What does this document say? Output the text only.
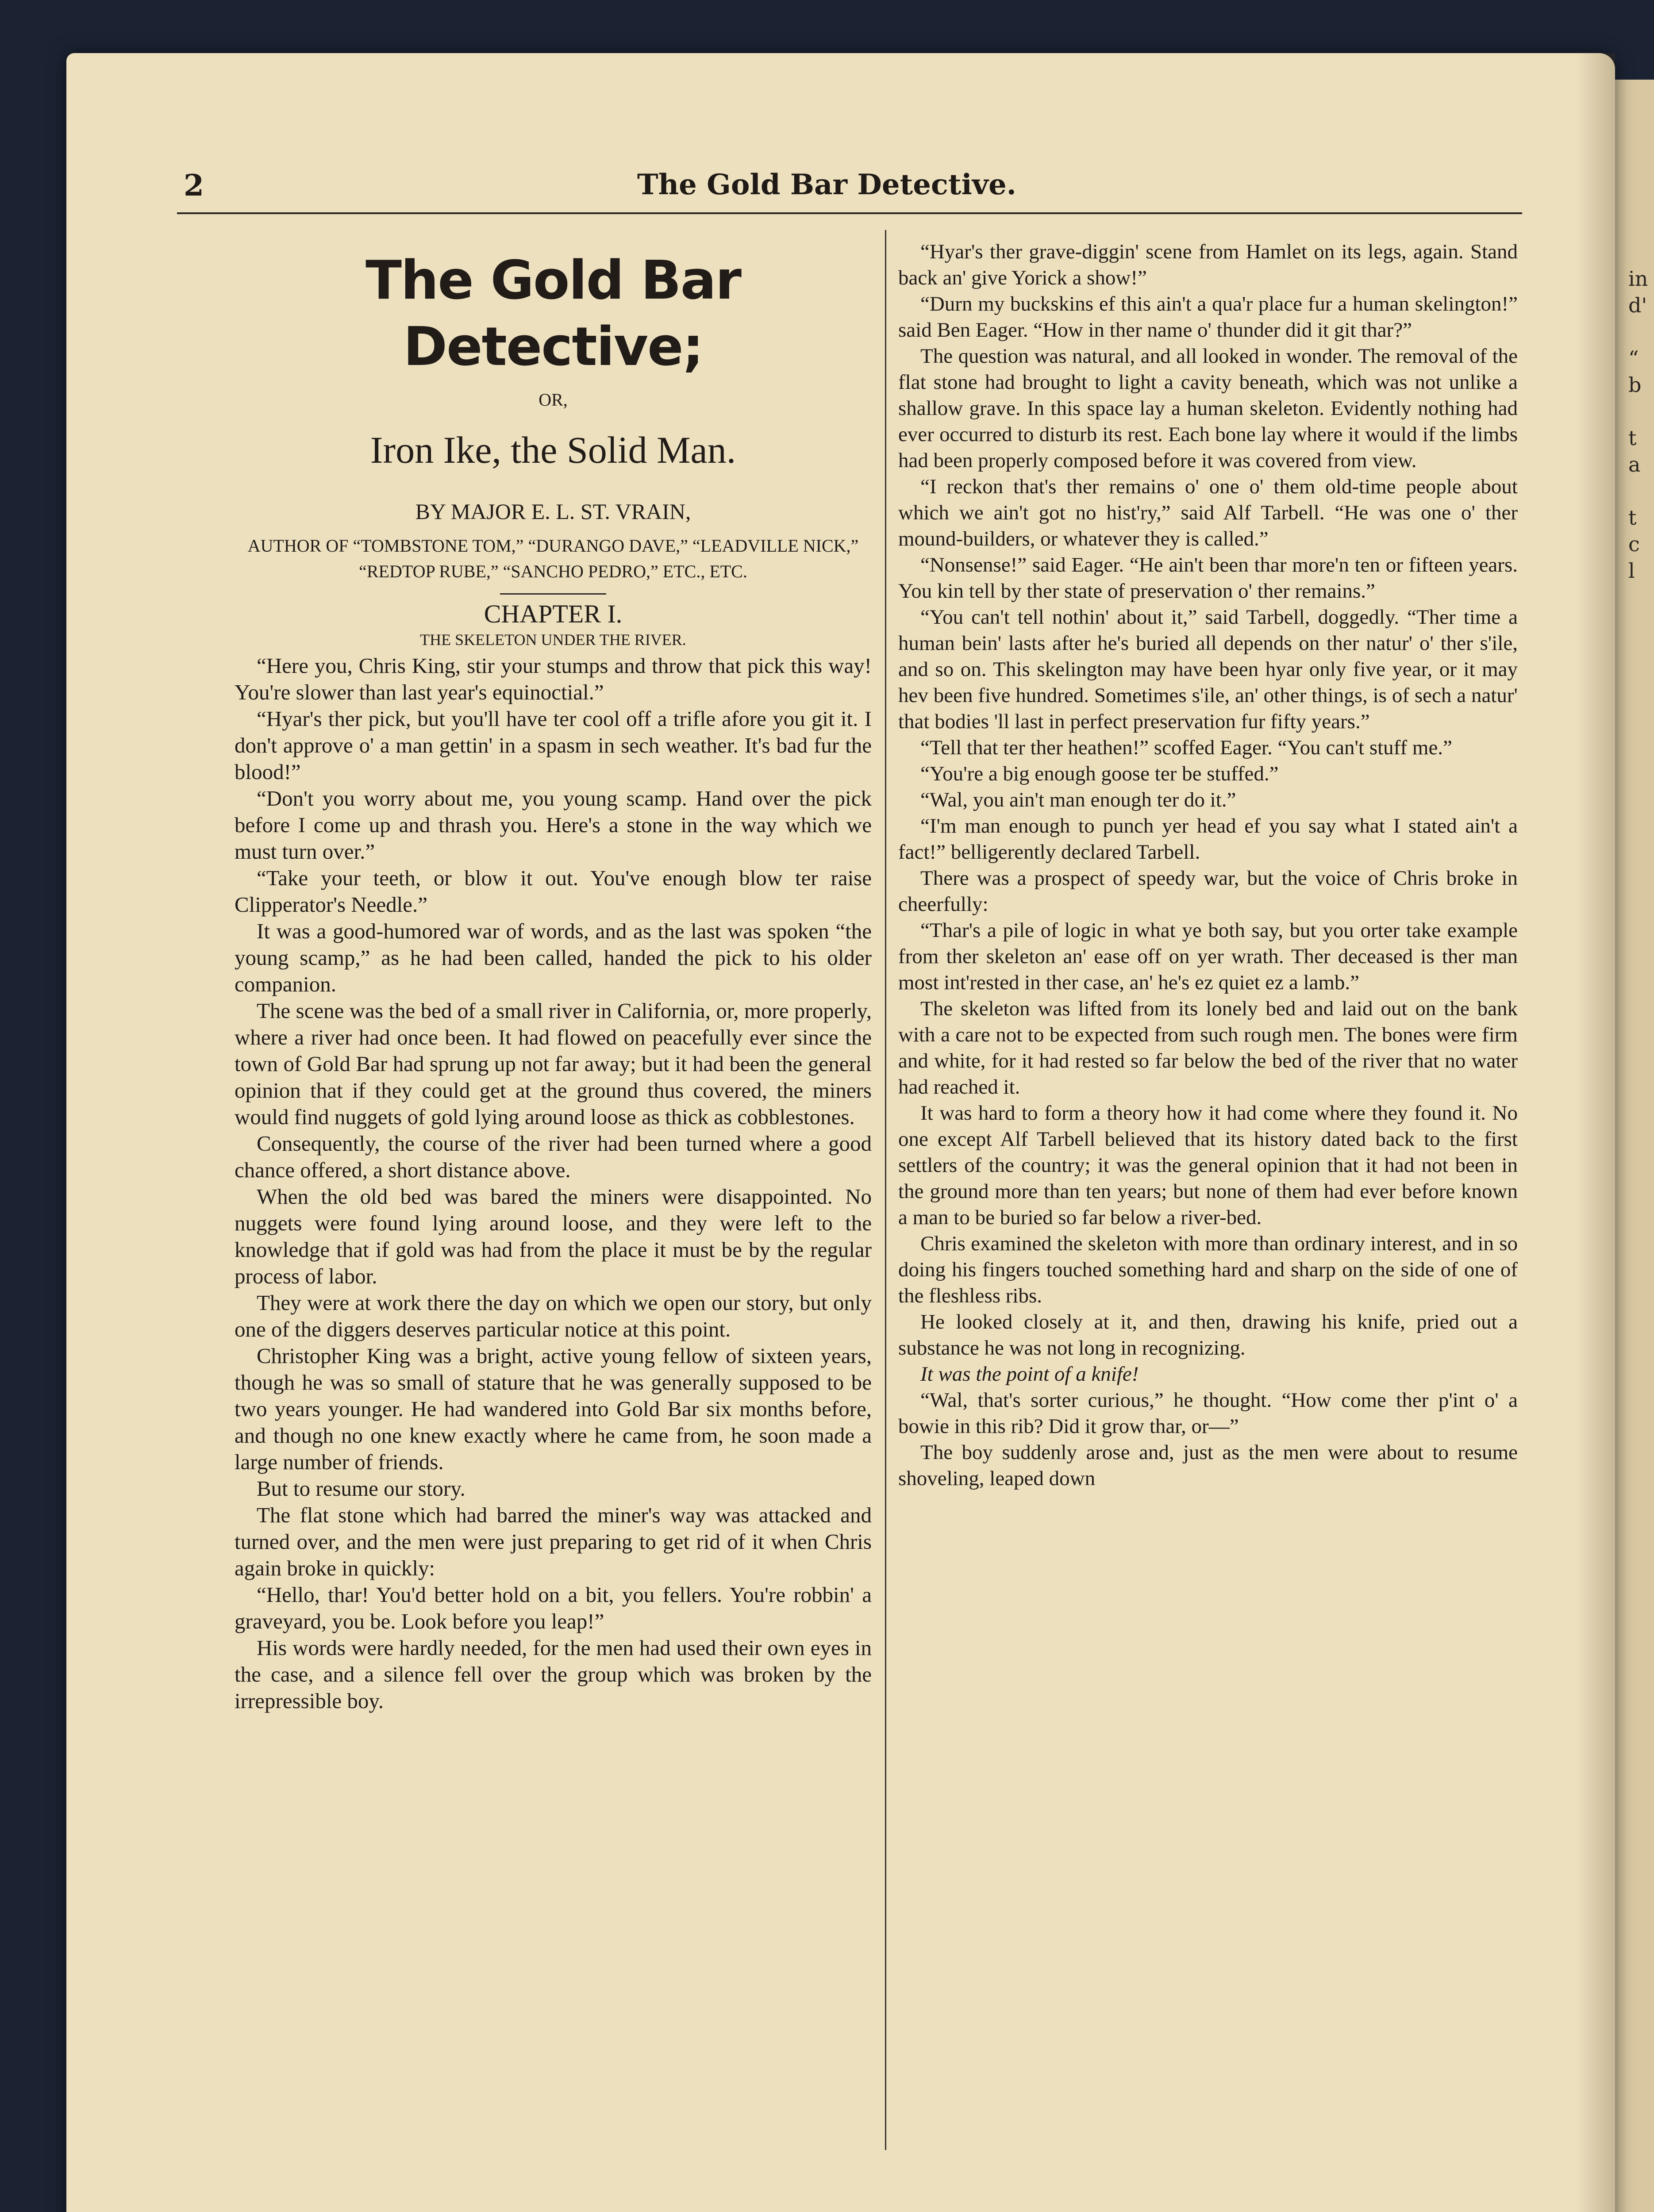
2	The Gold Bar Detective.
The Gold Bar Detective;
OR,
Iron Ike, the Solid Man.
BY MAJOR E. L. ST. VRAIN,
AUTHOR OF “TOMBSTONE TOM,” “DURANGO DAVE,” “LEADVILLE NICK,” “REDTOP RUBE,” “SANCHO PEDRO,” ETC., ETC.
CHAPTER I.
THE SKELETON UNDER THE RIVER.

“Here you, Chris King, stir your stumps and throw that pick this way! You're slower than last year's equinoctial.”

“Hyar's ther pick, but you'll have ter cool off a trifle afore you git it. I don't approve o' a man gettin' in a spasm in sech weather. It's bad fur the blood!”

“Don't you worry about me, you young scamp. Hand over the pick before I come up and thrash you. Here's a stone in the way which we must turn over.”

“Take your teeth, or blow it out. You've enough blow ter raise Clipperator's Needle.”

It was a good-humored war of words, and as the last was spoken “the young scamp,” as he had been called, handed the pick to his older companion.

The scene was the bed of a small river in California, or, more properly, where a river had once been. It had flowed on peacefully ever since the town of Gold Bar had sprung up not far away; but it had been the general opinion that if they could get at the ground thus covered, the miners would find nuggets of gold lying around loose as thick as cobblestones.

Consequently, the course of the river had been turned where a good chance offered, a short distance above.

When the old bed was bared the miners were disappointed. No nuggets were found lying around loose, and they were left to the knowledge that if gold was had from the place it must be by the regular process of labor.

They were at work there the day on which we open our story, but only one of the diggers deserves particular notice at this point.

Christopher King was a bright, active young fellow of sixteen years, though he was so small of stature that he was generally supposed to be two years younger. He had wandered into Gold Bar six months before, and though no one knew exactly where he came from, he soon made a large number of friends.

But to resume our story.

The flat stone which had barred the miner's way was attacked and turned over, and the men were just preparing to get rid of it when Chris again broke in quickly:

“Hello, thar! You'd better hold on a bit, you fellers. You're robbin' a graveyard, you be. Look before you leap!”

His words were hardly needed, for the men had used their own eyes in the case, and a silence fell over the group which was broken by the irrepressible boy.

“Hyar's ther grave-diggin' scene from Hamlet on its legs, again. Stand back an' give Yorick a show!”

“Durn my buckskins ef this ain't a qua'r place fur a human skelington!” said Ben Eager. “How in ther name o' thunder did it git thar?”

The question was natural, and all looked in wonder. The removal of the flat stone had brought to light a cavity beneath, which was not unlike a shallow grave. In this space lay a human skeleton. Evidently nothing had ever occurred to disturb its rest. Each bone lay where it would if the limbs had been properly composed before it was covered from view.

“I reckon that's ther remains o' one o' them old-time people about which we ain't got no hist'ry,” said Alf Tarbell. “He was one o' ther mound-builders, or whatever they is called.”

“Nonsense!” said Eager. “He ain't been thar more'n ten or fifteen years. You kin tell by ther state of preservation o' ther remains.”

“You can't tell nothin' about it,” said Tarbell, doggedly. “Ther time a human bein' lasts after he's buried all depends on ther natur' o' ther s'ile, and so on. This skelington may have been hyar only five year, or it may hev been five hundred. Sometimes s'ile, an' other things, is of sech a natur' that bodies 'll last in perfect preservation fur fifty years.”

“Tell that ter ther heathen!” scoffed Eager. “You can't stuff me.”

“You're a big enough goose ter be stuffed.”

“Wal, you ain't man enough ter do it.”

“I'm man enough to punch yer head ef you say what I stated ain't a fact!” belligerently declared Tarbell.

There was a prospect of speedy war, but the voice of Chris broke in cheerfully:

“Thar's a pile of logic in what ye both say, but you orter take example from ther skeleton an' ease off on yer wrath. Ther deceased is ther man most int'rested in ther case, an' he's ez quiet ez a lamb.”

The skeleton was lifted from its lonely bed and laid out on the bank with a care not to be expected from such rough men. The bones were firm and white, for it had rested so far below the bed of the river that no water had reached it.

It was hard to form a theory how it had come where they found it. No one except Alf Tarbell believed that its history dated back to the first settlers of the country; it was the general opinion that it had not been in the ground more than ten years; but none of them had ever before known a man to be buried so far below a river-bed.

Chris examined the skeleton with more than ordinary interest, and in so doing his fingers touched something hard and sharp on the side of one of the fleshless ribs.

He looked closely at it, and then, drawing his knife, pried out a substance he was not long in recognizing.

It was the point of a knife!

“Wal, that's sorter curious,” he thought. “How come ther p'int o' a bowie in this rib? Did it grow thar, or—”

The boy suddenly arose and, just as the men were about to resume shoveling, leaped down

in
d'

“
b

t
a

t
c
l
